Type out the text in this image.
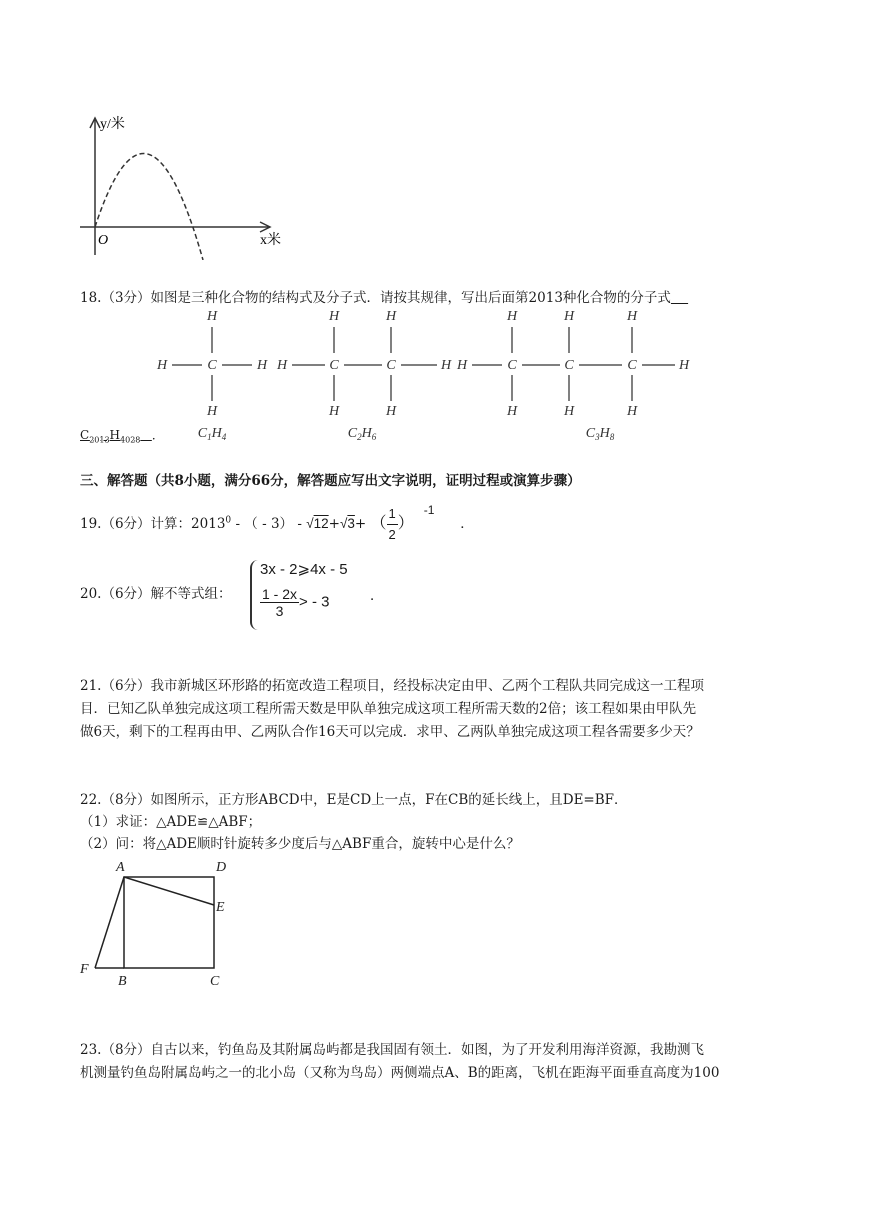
y/米
x米
O
18.（3分）如图是三种化合物的结构式及分子式．请按其规律，写出后面第2013种化合物的分子式
H	C	H
H
H
$C_1H_4$
H	C	C	H
H
H
H
H
$C_2H_6$
H	C	C	C	H
H
H
H
H
H
H
$C_3H_8$
$C_{2013}H_{4028}$ ．
三、解答题（共8小题，满分66分，解答题应写出文字说明，证明过程或演算步骤）
19.（6分）计算：2013$^0$ - （ - 3） - √12+√3+ （ $\frac{1}{2} )-1$      ．
20.（6分）解不等式组：
3x - 2⩾4x - 5
$\frac{1 - 2x}{3}$ > - 3	．
21.（6分）我市新城区环形路的拓宽改造工程项目，经投标决定由甲、乙两个工程队共同完成这一工程项
目．已知乙队单独完成这项工程所需天数是甲队单独完成这项工程所需天数的2倍；该工程如果由甲队先
做6天，剩下的工程再由甲、乙两队合作16天可以完成．求甲、乙两队单独完成这项工程各需要多少天？
22.（8分）如图所示，正方形ABCD中，E是CD上一点，F在CB的延长线上，且DE=BF．
（1）求证：△ADE≌△ABF；
（2）问：将△ADE顺时针旋转多少度后与△ABF重合，旋转中心是什么？
A	D
E
F
B	C
23.（8分）自古以来，钓鱼岛及其附属岛屿都是我国固有领土．如图，为了开发利用海洋资源，我勘测飞
机测量钓鱼岛附属岛屿之一的北小岛（又称为鸟岛）两侧端点A、B的距离，飞机在距海平面垂直高度为100
